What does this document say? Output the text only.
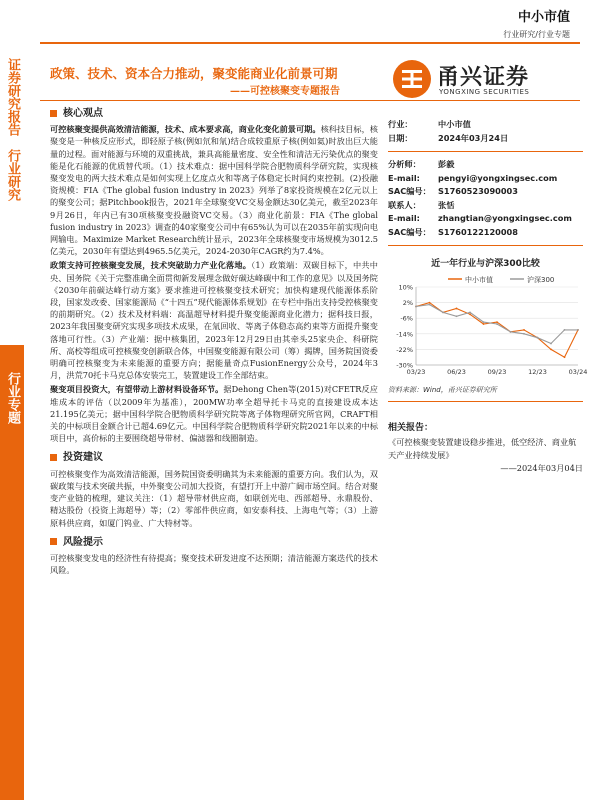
证券研究报告　行业研究
行业专题
中小市值
行业研究/行业专题
政策、技术、资本合力推动，聚变能商业化前景可期
——可控核聚变专题报告
甬兴证券
YONGXING SECURITIES
核心观点

可控核聚变提供高效清洁能源，技术、成本要求高，商业化变化前景可期。核科技目标，核聚变是一种核反应形式，即轻原子核(例如氘和氚)结合成较重原子核(例如氦)时放出巨大能量的过程。面对能源与环境的双重挑战，兼具高能量密度、安全性和清洁无污染优点的聚变能是化石能源的优质替代项。（1）技术难点：据中国科学院合肥物质科学研究院，实现核聚变发电的两大技术难点是如何实现上亿度点火和等离子体稳定长时间约束控制。(2)投融资规模：FIA《The global fusion industry in 2023》列举了8家投资规模在2亿元以上的聚变公司；据Pitchbook报告，2021年全球聚变VC交易金额达30亿美元，截至2023年9月26日，年内已有30项核聚变投融资VC交易。（3）商业化前景：FIA《The global fusion industry in 2023》调查的40家聚变公司中有65%认为可以在2035年前实现向电网输电。Maximize Market Research统计显示，2023年全球核聚变市场规模为3012.5亿美元，2030年有望达到4965.5亿美元，2024-2030年CAGR约为7.4%。

政策支持可控核聚变发展，技术突破助力产业化落地。（1）政策端：双碳目标下，中共中央、国务院《关于完整准确全面贯彻新发展理念做好碳达峰碳中和工作的意见》以及国务院《2030年前碳达峰行动方案》要求推进可控核聚变技术研究；加快构建现代能源体系阶段，国家发改委、国家能源局《“十四五”现代能源体系规划》在专栏中指出支持受控核聚变的前期研究。（2）技术及材料端：高温超导材料提升聚变能源商业化潜力；据科技日报，2023年我国聚变研究实现多项技术成果，在氚回收、等离子体稳态高约束等方面提升聚变落地可行性。（3）产业端：据中核集团，2023年12月29日由其牵头25家央企、科研院所、高校等组成可控核聚变创新联合体，中国聚变能源有限公司（筹）揭牌，国务院国资委明确可控核聚变为未来能源的重要方向；据能量奇点FusionEnergy公众号，2024年3月，洪荒70托卡马克总体安装完工，装置建设工作全部结束。

聚变项目投资大，有望带动上游材料设备环节。据Dehong Chen等(2015)对CFETR反应堆成本的评估（以2009年为基准），200MW功率全超导托卡马克的直接建设成本达21.195亿美元；据中国科学院合肥物质科学研究院等离子体物理研究所官网，CRAFT相关的中标项目金额合计已超4.69亿元。中国科学院合肥物质科学研究院2021年以来的中标项目中，高价标的主要围绕超导带材、偏滤器和线圈制造。

投资建议

可控核聚变作为高效清洁能源，国务院国资委明确其为未来能源的重要方向。我们认为，双碳政策与技术突破共振，中外聚变公司加大投资，有望打开上中游广阔市场空间。结合对聚变产业链的梳理，建议关注：（1）超导带材供应商，如联创光电、西部超导、永鼎股份、精达股份（投资上海超导）等；（2）零部件供应商，如安泰科技、上海电气等；（3）上游原料供应商，如厦门钨业、广大特材等。

风险提示

可控核聚变发电的经济性有待提高；聚变技术研发进度不达预期；清洁能源方案迭代的技术风险。

行业：	中小市值
日期：	2024年03月24日
分析师：	彭毅
E-mail:	pengyi@yongxingsec.com
SAC编号： S1760523090003
联系人：	张恬
E-mail:	zhangtian@yongxingsec.com
SAC编号： S1760122120008
近一年行业与沪深300比较
中小市值	沪深300
10%
2%
-6%
-14%
-22%
-30%
03/23	06/23	09/23	12/23	03/24
资料来源：Wind，甬兴证券研究所
相关报告：
《可控核聚变装置建设稳步推进，低空经济、商业航天产业持续发展》
——2024年03月04日
